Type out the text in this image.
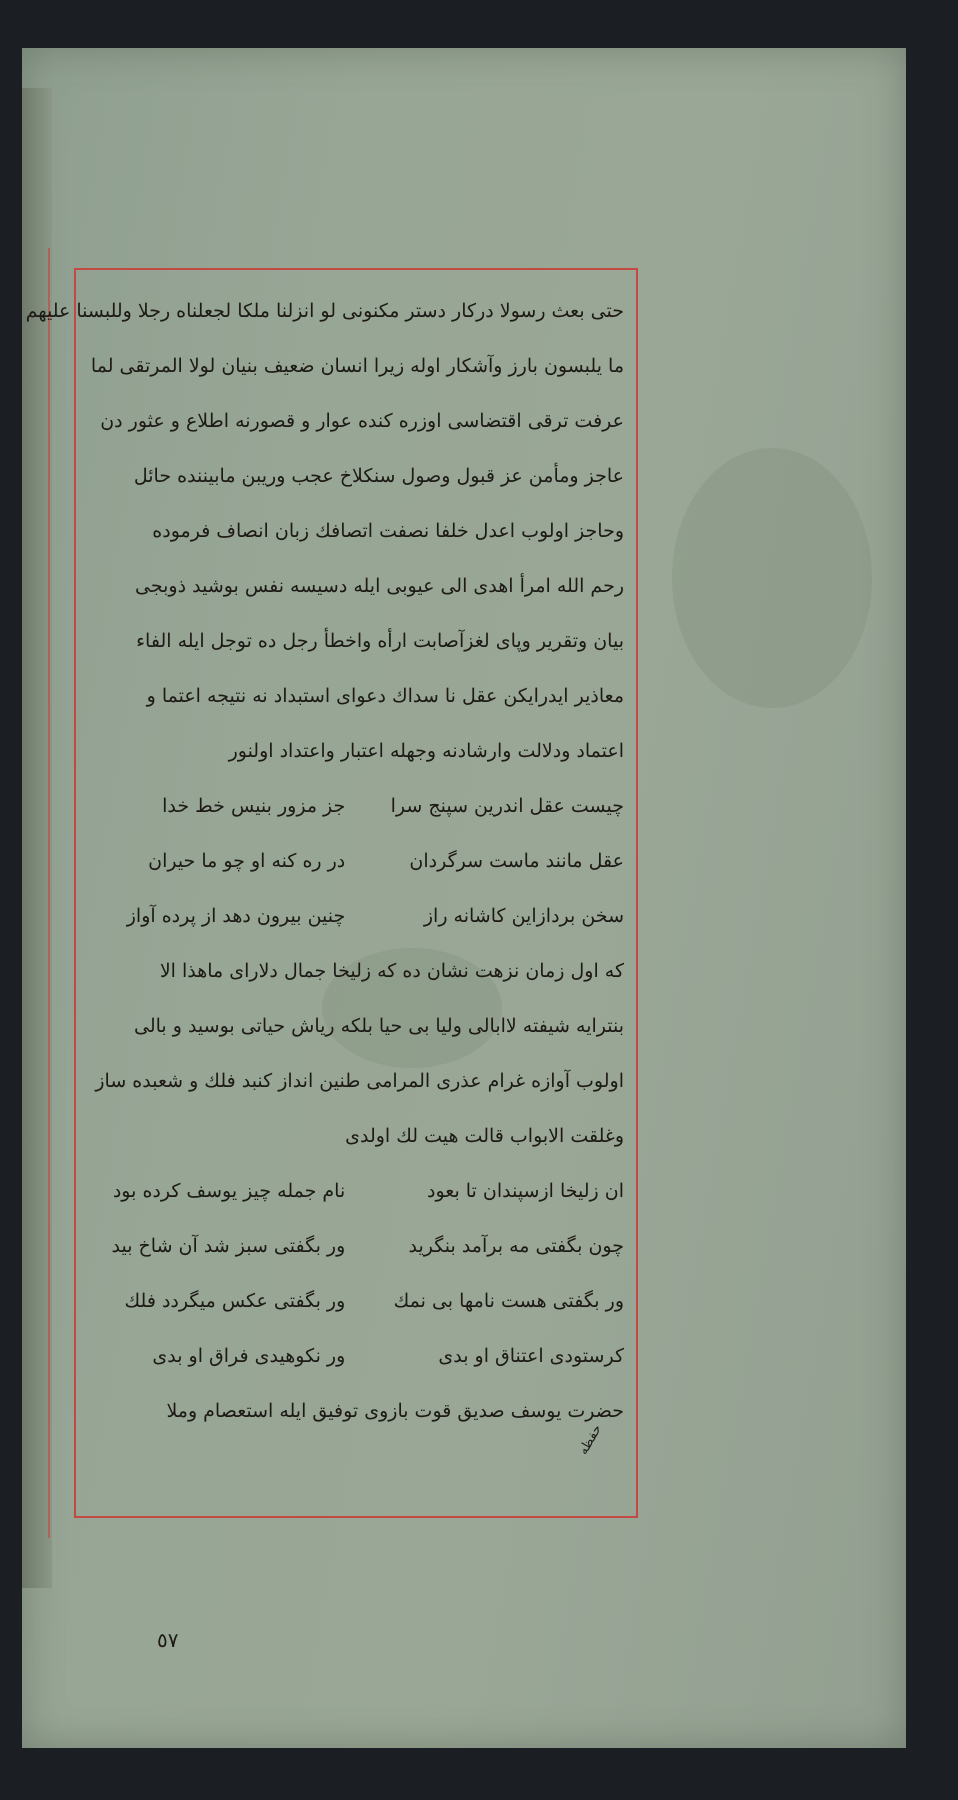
حتی بعث رسولا دركار دستر مكنونی لو انزلنا ملكا لجعلناه رجلا وللبسنا عليهم
ما يلبسون بارز وآشكار اوله زيرا انسان ضعيف بنيان لولا المرتقی لما
عرفت ترقی اقتضاسی اوزره كنده عوار و قصورنه اطلاع و عثور دن
عاجز ومأمن عز قبول وصول سنكلاخ عجب وريبن مابيننده حائل
وحاجز اولوب اعدل خلفا نصفت اتصافك زبان انصاف فرموده
رحم الله امرأ اهدى الى عيوبی ايله دسيسه نفس بوشيد ذوبجی
بيان وتقرير وپای لغزآصابت ارأه واخطأ رجل ده توجل ايله الفاء
معاذير ايدرايكن عقل نا سداك دعوای استبداد نه نتيجه اعتما و
اعتماد ودلالت وارشادنه وجهله اعتبار واعتداد اولنور
چيست عقل اندرين سپنج سرا
جز مزور بنيس خط خدا
عقل مانند ماست سرگردان
در ره كنه او چو ما حيران
سخن بردازاين كاشانه راز
چنين بيرون دهد از پرده آواز
كه اول زمان نزهت نشان ده كه زليخا جمال دلارای ماهذا الا
بنترايه شيفته لاابالی وليا بی حيا بلكه رياش حياتی بوسيد و بالی
اولوب آوازه غرام عذری المرامی طنين انداز كنبد فلك و شعبده ساز
وغلقت الابواب قالت هيت لك اولدی
ان زليخا ازسپندان تا بعود
نام جمله چيز يوسف كرده بود
چون بگفتی مه برآمد بنگريد
ور بگفتی سبز شد آن شاخ بيد
ور بگفتی هست نامها بی نمك
ور بگفتی عكس ميگردد فلك
كرستودی اعتناق او بدی
ور نكوهيدی فراق او بدی
حضرت يوسف صديق قوت بازوی توفيق ايله استعصام وملا
حفظه
٥٧
